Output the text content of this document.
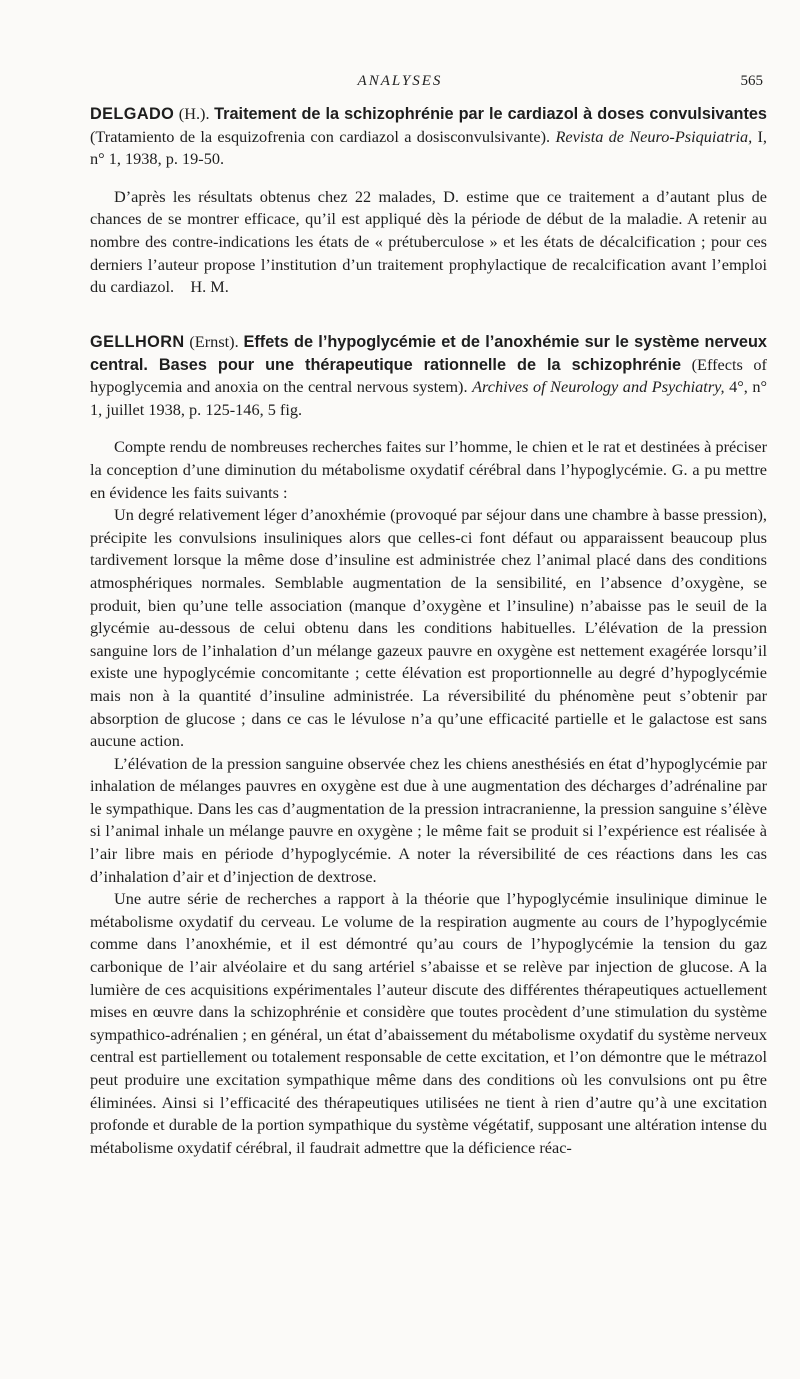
ANALYSES	565

DELGADO (H.). Traitement de la schizophrénie par le cardiazol à doses convulsivantes (Tratamiento de la esquizofrenia con cardiazol a dosisconvulsivante). Revista de Neuro-Psiquiatria, I, n° 1, 1938, p. 19-50.

D’après les résultats obtenus chez 22 malades, D. estime que ce traitement a d’autant plus de chances de se montrer efficace, qu’il est appliqué dès la période de début de la maladie. A retenir au nombre des contre-indications les états de « prétuberculose » et les états de décalcification ; pour ces derniers l’auteur propose l’institution d’un traitement prophylactique de recalcification avant l’emploi du cardiazol. H. M.

GELLHORN (Ernst). Effets de l’hypoglycémie et de l’anoxhémie sur le système nerveux central. Bases pour une thérapeutique rationnelle de la schizophrénie (Effects of hypoglycemia and anoxia on the central nervous system). Archives of Neurology and Psychiatry, 4°, n° 1, juillet 1938, p. 125-146, 5 fig.

Compte rendu de nombreuses recherches faites sur l’homme, le chien et le rat et destinées à préciser la conception d’une diminution du métabolisme oxydatif cérébral dans l’hypoglycémie. G. a pu mettre en évidence les faits suivants :

Un degré relativement léger d’anoxhémie (provoqué par séjour dans une chambre à basse pression), précipite les convulsions insuliniques alors que celles-ci font défaut ou apparaissent beaucoup plus tardivement lorsque la même dose d’insuline est administrée chez l’animal placé dans des conditions atmosphériques normales. Semblable augmentation de la sensibilité, en l’absence d’oxygène, se produit, bien qu’une telle association (manque d’oxygène et l’insuline) n’abaisse pas le seuil de la glycémie au-dessous de celui obtenu dans les conditions habituelles. L’élévation de la pression sanguine lors de l’inhalation d’un mélange gazeux pauvre en oxygène est nettement exagérée lorsqu’il existe une hypoglycémie concomitante ; cette élévation est proportionnelle au degré d’hypoglycémie mais non à la quantité d’insuline administrée. La réversibilité du phénomène peut s’obtenir par absorption de glucose ; dans ce cas le lévulose n’a qu’une efficacité partielle et le galactose est sans aucune action.

L’élévation de la pression sanguine observée chez les chiens anesthésiés en état d’hypoglycémie par inhalation de mélanges pauvres en oxygène est due à une augmentation des décharges d’adrénaline par le sympathique. Dans les cas d’augmentation de la pression intracranienne, la pression sanguine s’élève si l’animal inhale un mélange pauvre en oxygène ; le même fait se produit si l’expérience est réalisée à l’air libre mais en période d’hypoglycémie. A noter la réversibilité de ces réactions dans les cas d’inhalation d’air et d’injection de dextrose.

Une autre série de recherches a rapport à la théorie que l’hypoglycémie insulinique diminue le métabolisme oxydatif du cerveau. Le volume de la respiration augmente au cours de l’hypoglycémie comme dans l’anoxhémie, et il est démontré qu’au cours de l’hypoglycémie la tension du gaz carbonique de l’air alvéolaire et du sang artériel s’abaisse et se relève par injection de glucose. A la lumière de ces acquisitions expérimentales l’auteur discute des différentes thérapeutiques actuellement mises en œuvre dans la schizophrénie et considère que toutes procèdent d’une stimulation du système sympathico-adrénalien ; en général, un état d’abaissement du métabolisme oxydatif du système nerveux central est partiellement ou totalement responsable de cette excitation, et l’on démontre que le métrazol peut produire une excitation sympathique même dans des conditions où les convulsions ont pu être éliminées. Ainsi si l’efficacité des thérapeutiques utilisées ne tient à rien d’autre qu’à une excitation profonde et durable de la portion sympathique du système végétatif, supposant une altération intense du métabolisme oxydatif cérébral, il faudrait admettre que la déficience réac-
